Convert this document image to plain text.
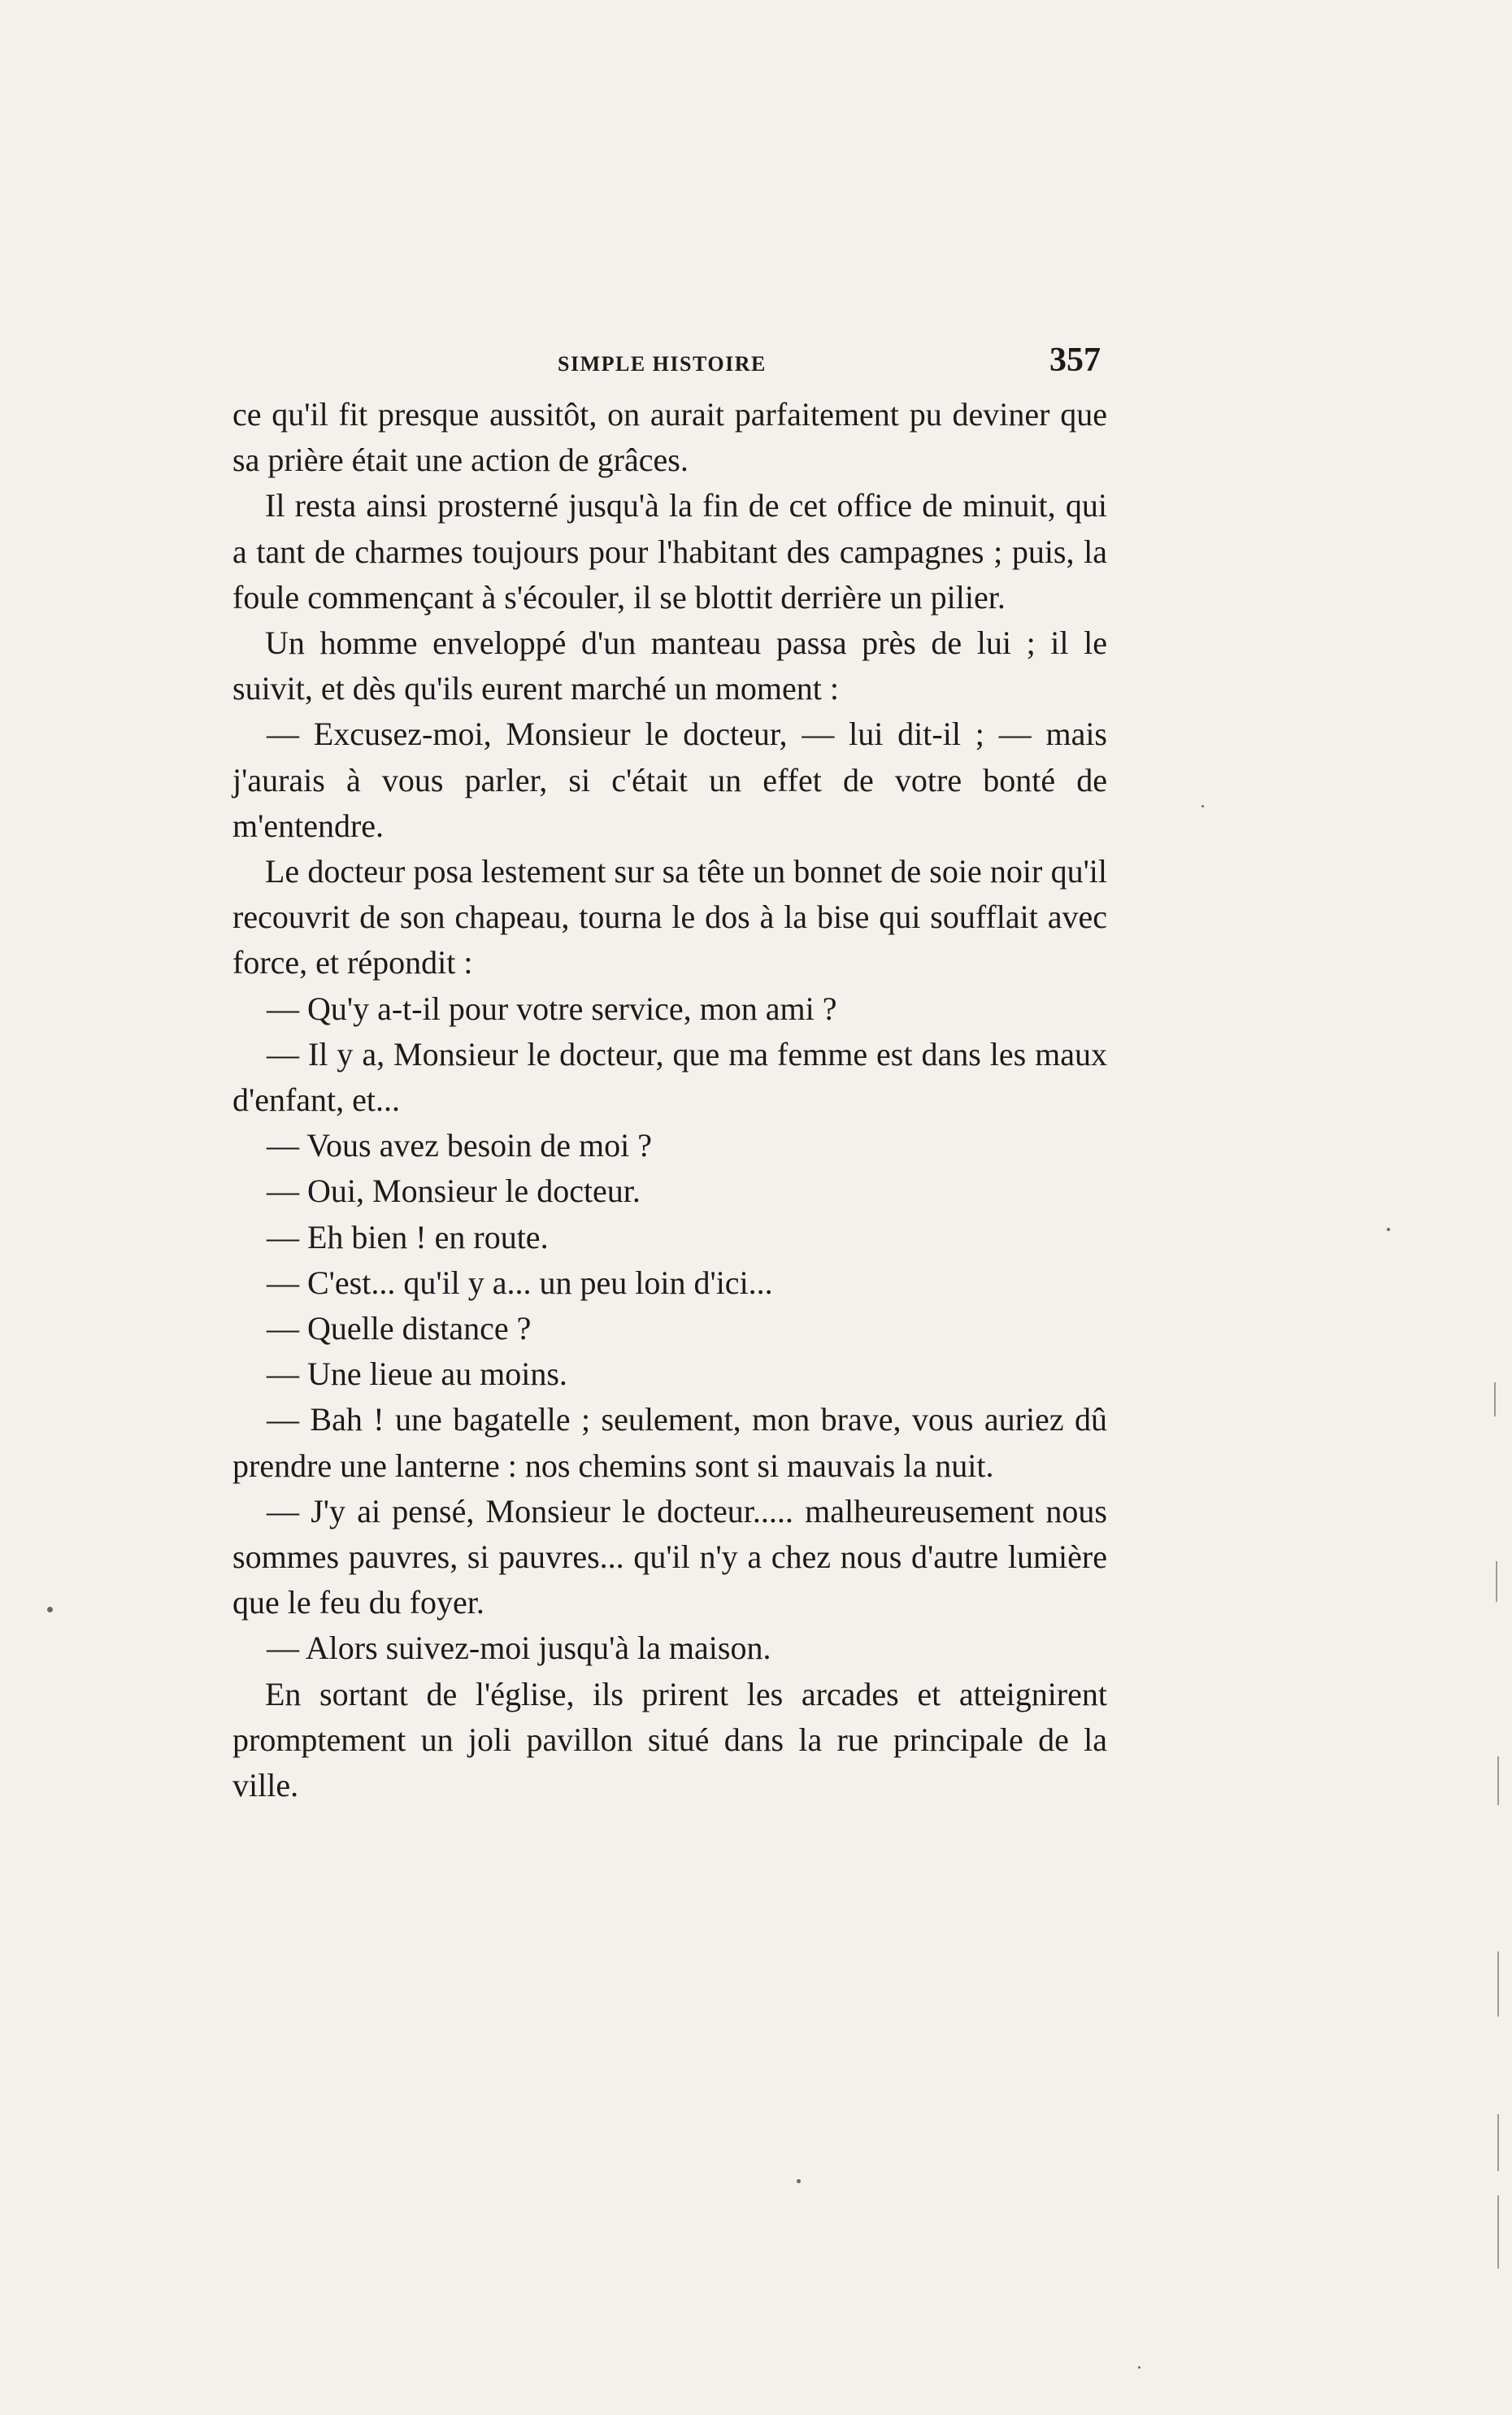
SIMPLE HISTOIRE	357

ce qu'il fit presque aussitôt, on aurait parfaitement pu deviner que sa prière était une action de grâces.

Il resta ainsi prosterné jusqu'à la fin de cet office de minuit, qui a tant de charmes toujours pour l'habitant des campagnes ; puis, la foule commençant à s'écouler, il se blottit derrière un pilier.

Un homme enveloppé d'un manteau passa près de lui ; il le suivit, et dès qu'ils eurent marché un moment :

— Excusez-moi, Monsieur le docteur, — lui dit-il ; — mais j'aurais à vous parler, si c'était un effet de votre bonté de m'entendre.

Le docteur posa lestement sur sa tête un bonnet de soie noir qu'il recouvrit de son chapeau, tourna le dos à la bise qui soufflait avec force, et répondit :

— Qu'y a-t-il pour votre service, mon ami ?

— Il y a, Monsieur le docteur, que ma femme est dans les maux d'enfant, et...

— Vous avez besoin de moi ?

— Oui, Monsieur le docteur.

— Eh bien ! en route.

— C'est... qu'il y a... un peu loin d'ici...

— Quelle distance ?

— Une lieue au moins.

— Bah ! une bagatelle ; seulement, mon brave, vous auriez dû prendre une lanterne : nos chemins sont si mauvais la nuit.

— J'y ai pensé, Monsieur le docteur..... malheureusement nous sommes pauvres, si pauvres... qu'il n'y a chez nous d'autre lumière que le feu du foyer.

— Alors suivez-moi jusqu'à la maison.

En sortant de l'église, ils prirent les arcades et atteignirent promptement un joli pavillon situé dans la rue principale de la ville.
